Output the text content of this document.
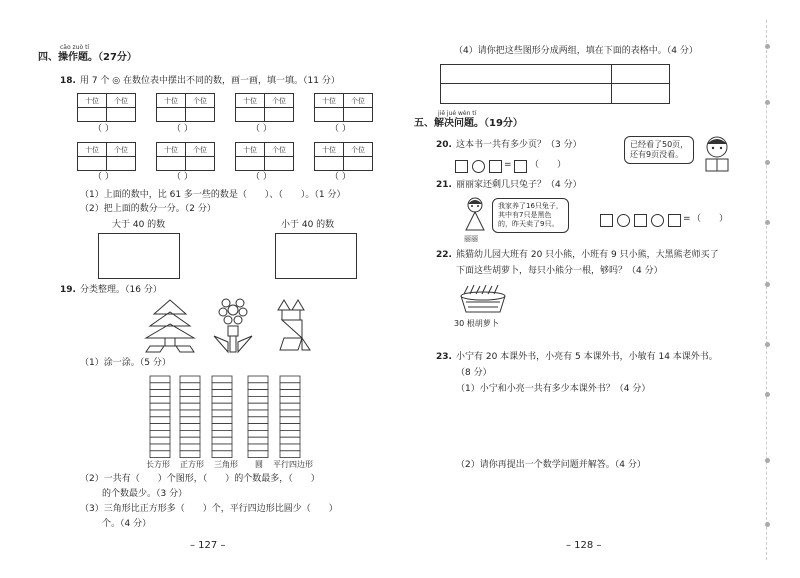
cāo zuò tí
四、操作题。（27分）
18. 用 7 个 ◎ 在数位表中摆出不同的数，画一画，填一填。（11 分）
十位	个位
		十位	个位
		十位	个位
		十位	个位

（ ）	（ ）	（ ）	（ ）
十位	个位
		十位	个位
		十位	个位
		十位	个位

（ ）	（ ）	（ ）	（ ）
（1）上面的数中，比 61 多一些的数是（　　）、（　　）。（1 分）
（2）把上面的数分一分。（2 分）
大于 40 的数	小于 40 的数
19. 分类整理。（16 分）
（1）涂一涂。（5 分）
长方形 正方形 三角形 圆 平行四边形
（2）一共有（　　）个图形，（　　）的个数最多，（　　）
的个数最少。（3 分）
（3）三角形比正方形多（　　）个，平行四边形比圆少（　　）
个。（4 分）
– 127 –
（4）请你把这些图形分成两组，填在下面的表格中。（4 分）
jiě jué wèn tí
五、解决问题。（19分）
20. 这本书一共有多少页？（3 分）
= （　　）
已经看了50页，
还有9页没看。
21. 丽丽家还剩几只兔子？（4 分）
丽丽
我家养了16只兔子，
其中有7只是黑色
的，昨天卖了9只。	= （　　）
22. 熊猫幼儿园大班有 20 只小熊，小班有 9 只小熊，大黑熊老师买了
下面这些胡萝卜，每只小熊分一根，够吗？（4 分）
30 根胡萝卜
23. 小宁有 20 本课外书，小亮有 5 本课外书，小敏有 14 本课外书。
（8 分）
（1）小宁和小亮一共有多少本课外书？（4 分）
（2）请你再提出一个数学问题并解答。（4 分）
– 128 –
